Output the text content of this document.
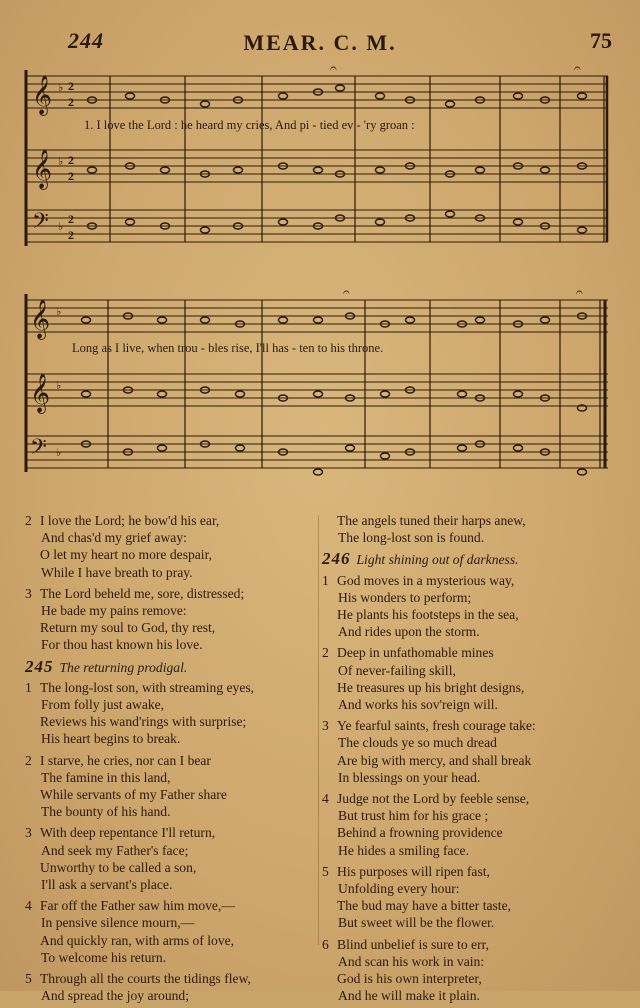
244	MEAR. C. M.	75
𝄞
𝄞
𝄢
♭
♭
♭
2
2
2
2
2
2
𝄐	𝄐
1. I love the Lord : he heard my cries, And pi - tied ev - 'ry groan :
𝄞
𝄞
𝄢
♭
♭
♭
𝄐	𝄐
Long as I live, when trou - bles rise, I'll has - ten to his throne.
2 I love the Lord; he bow'd his ear,
And chas'd my grief away:
O let my heart no more despair,
While I have breath to pray.
3 The Lord beheld me, sore, distressed;
He bade my pains remove:
Return my soul to God, thy rest,
For thou hast known his love.
245 The returning prodigal.
1 The long-lost son, with streaming eyes,
From folly just awake,
Reviews his wand'rings with surprise;
His heart begins to break.
2 I starve, he cries, nor can I bear
The famine in this land,
While servants of my Father share
The bounty of his hand.
3 With deep repentance I'll return,
And seek my Father's face;
Unworthy to be called a son,
I'll ask a servant's place.
4 Far off the Father saw him move,—
In pensive silence mourn,—
And quickly ran, with arms of love,
To welcome his return.
5 Through all the courts the tidings flew,
And spread the joy around;
The angels tuned their harps anew,
The long-lost son is found.
246 Light shining out of darkness.
1 God moves in a mysterious way,
His wonders to perform;
He plants his footsteps in the sea,
And rides upon the storm.
2 Deep in unfathomable mines
Of never-failing skill,
He treasures up his bright designs,
And works his sov'reign will.
3 Ye fearful saints, fresh courage take:
The clouds ye so much dread
Are big with mercy, and shall break
In blessings on your head.
4 Judge not the Lord by feeble sense,
But trust him for his grace ;
Behind a frowning providence
He hides a smiling face.
5 His purposes will ripen fast,
Unfolding every hour:
The bud may have a bitter taste,
But sweet will be the flower.
6 Blind unbelief is sure to err,
And scan his work in vain:
God is his own interpreter,
And he will make it plain.
